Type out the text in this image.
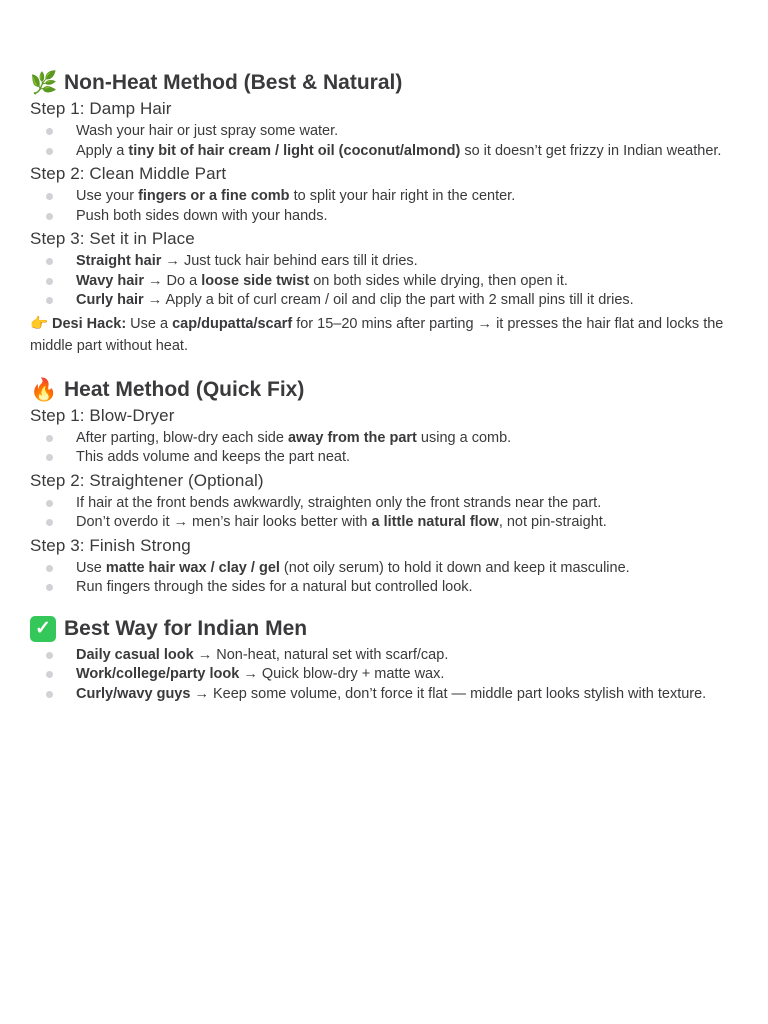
🌿 Non-Heat Method (Best & Natural)
Step 1: Damp Hair
Wash your hair or just spray some water.
Apply a tiny bit of hair cream / light oil (coconut/almond) so it doesn’t get frizzy in Indian weather.
Step 2: Clean Middle Part
Use your fingers or a fine comb to split your hair right in the center.
Push both sides down with your hands.
Step 3: Set it in Place
Straight hair → Just tuck hair behind ears till it dries.
Wavy hair → Do a loose side twist on both sides while drying, then open it.
Curly hair → Apply a bit of curl cream / oil and clip the part with 2 small pins till it dries.

👉 Desi Hack: Use a cap/dupatta/scarf for 15–20 mins after parting → it presses the hair flat and locks the middle part without heat.

🔥 Heat Method (Quick Fix)
Step 1: Blow-Dryer
After parting, blow-dry each side away from the part using a comb.
This adds volume and keeps the part neat.
Step 2: Straightener (Optional)
If hair at the front bends awkwardly, straighten only the front strands near the part.
Don’t overdo it → men’s hair looks better with a little natural flow, not pin-straight.
Step 3: Finish Strong
Use matte hair wax / clay / gel (not oily serum) to hold it down and keep it masculine.
Run fingers through the sides for a natural but controlled look.
✓ Best Way for Indian Men
Daily casual look → Non-heat, natural set with scarf/cap.
Work/college/party look → Quick blow-dry + matte wax.
Curly/wavy guys → Keep some volume, don’t force it flat — middle part looks stylish with texture.
